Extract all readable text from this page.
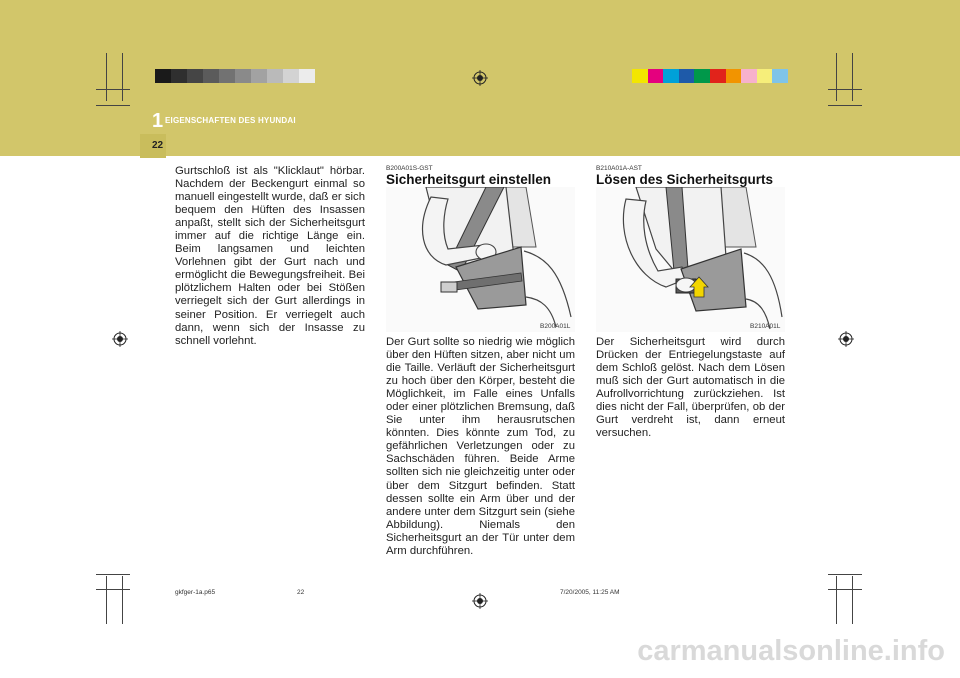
1 EIGENSCHAFTEN DES HYUNDAI
22
Gurtschloß ist als "Klicklaut" hörbar. Nachdem der Beckengurt einmal so manuell eingestellt wurde, daß er sich bequem den Hüften des Insassen anpaßt, stellt sich der Sicherheitsgurt immer auf die richtige Länge ein. Beim langsamen und leichten Vorlehnen gibt der Gurt nach und ermöglicht die Bewegungsfreiheit. Bei plötzlichem Halten oder bei Stößen verriegelt sich der Gurt allerdings in seiner Position. Er verriegelt auch dann, wenn sich der Insasse zu schnell vorlehnt.
B200A01S-GST
Sicherheitsgurt einstellen
B200A01L
Der Gurt sollte so niedrig wie möglich über den Hüften sitzen, aber nicht um die Taille. Verläuft der Sicherheitsgurt zu hoch über den Körper, besteht die Möglichkeit, im Falle eines Unfalls oder einer plötzlichen Bremsung, daß Sie unter ihm herausrutschen könnten. Dies könnte zum Tod, zu gefährlichen Verletzungen oder zu Sachschäden führen. Beide Arme sollten sich nie gleichzeitig unter oder über dem Sitzgurt befinden. Statt dessen sollte ein Arm über und der andere unter dem Sitzgurt sein (siehe Abbildung). Niemals den Sicherheitsgurt an der Tür unter dem Arm durchführen.
B210A01A-AST
Lösen des Sicherheitsgurts
B210A01L
Der Sicherheitsgurt wird durch Drücken der Entriegelungstaste auf dem Schloß gelöst. Nach dem Lösen muß sich der Gurt automatisch in die Aufrollvorrichtung zurückziehen. Ist dies nicht der Fall, überprüfen, ob der Gurt verdreht ist, dann erneut versuchen.
gkfger-1a.p65	22	7/20/2005, 11:25 AM
carmanualsonline.info
